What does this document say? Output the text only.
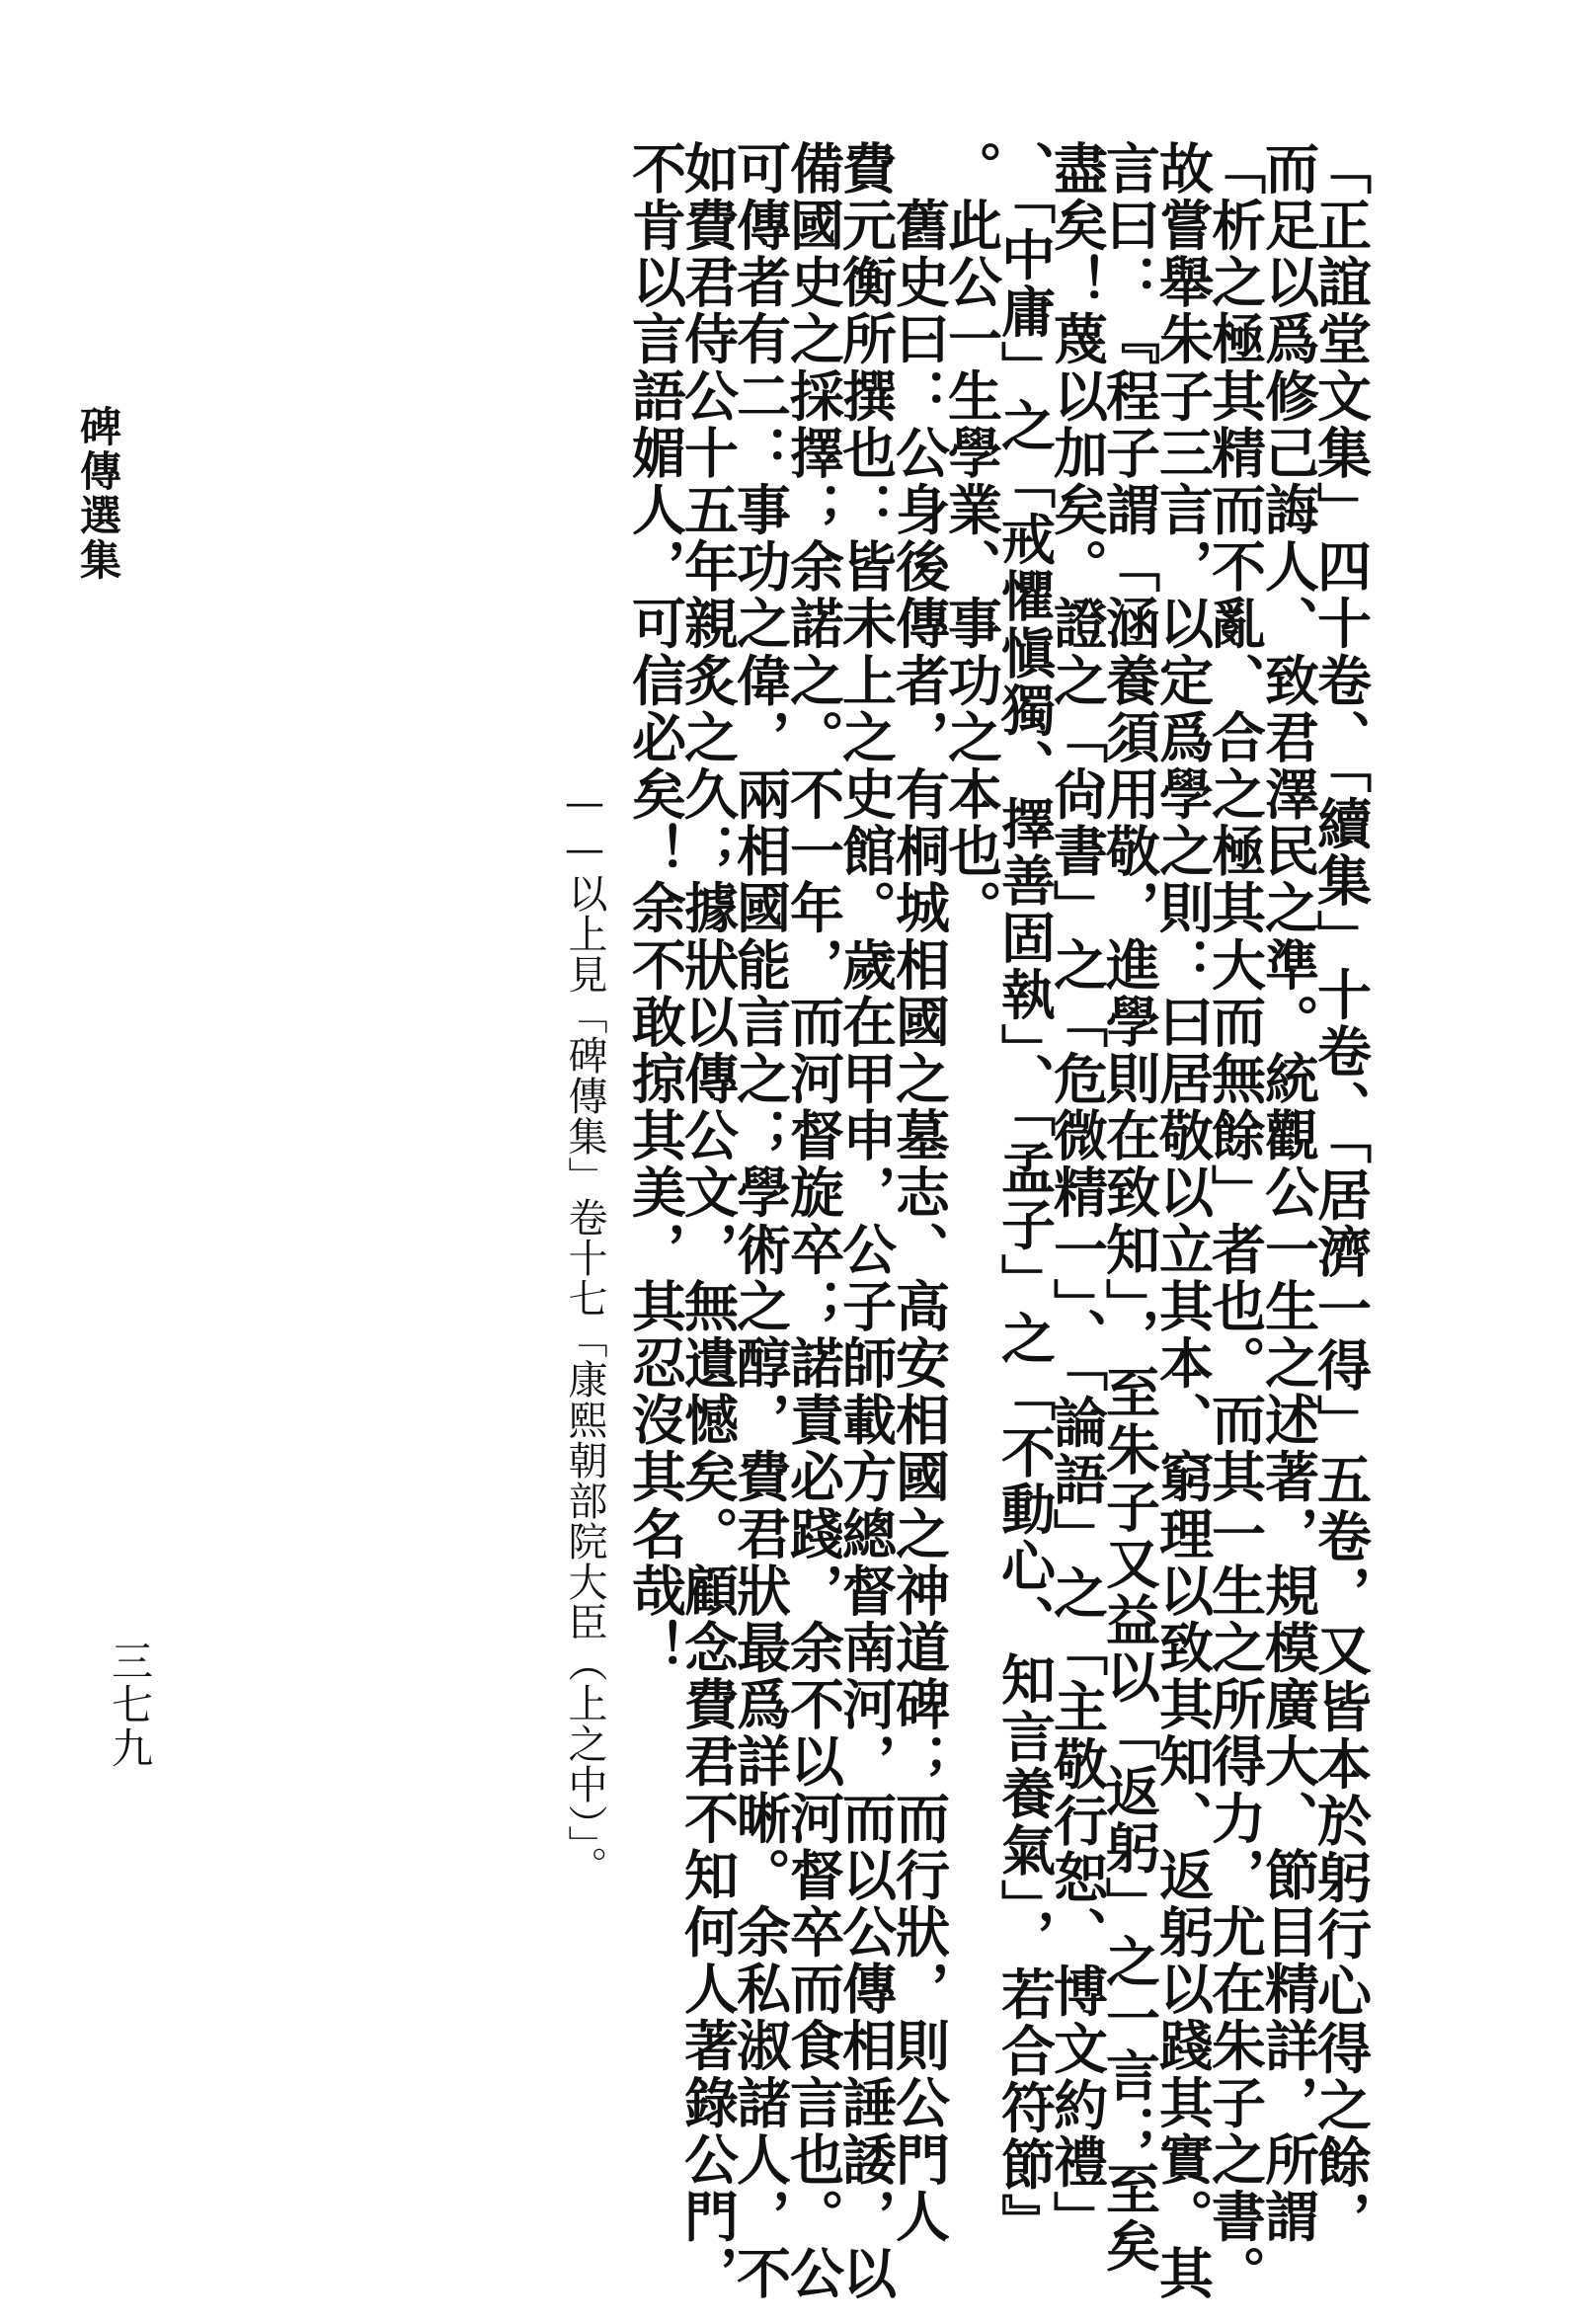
「正誼堂文集」四十卷、「續集」十卷、「居濟一得」五卷，又皆本於躬行心得之餘，
而足以爲修己誨人、致君澤民之準。統觀公一生之述著，規模廣大、節目精詳，所謂
「析之極其精而不亂、合之極其大而無餘」者也。而其一生之所得力，尤在朱子之書。
故嘗舉朱子三言，以定爲學之則：曰居敬以立其本、窮理以致其知、返躬以踐其實。其
言曰：『程子謂「涵養須用敬，進學則在致知」，至朱子又益以「返躬」之一言；至矣
盡矣！蔑以加矣。證之「尙書」之「危微精一」、「論語」之「主敬行恕、博文約禮」
、「中庸」之「戒懼愼獨、擇善固執」、「孟子」之「不動心、知言養氣」，若合符節』
。此公一生學業、事功之本也。
　舊史曰：公身後傳者，有桐城相國之墓志、高安相國之神道碑；而行狀，則公門人
費元衡所撰也：皆未上之史館。歲在甲申，公子師載方總督南河，而以公傳相諈諉，以
備國史之採擇；余諾之。不一年，而河督旋卒；諾責必踐，余不以河督卒而食言也。公
可傳者有二：事功之偉，兩相國能言之；學術之醇，費君狀最爲詳晰。余私淑諸人，不
如費君侍公十五年親炙之久；據狀以傳公文，無遺憾矣。顧念費君不知何人著錄公門，
不肯以言語媚人，可信必矣！余不敢掠其美，其忍沒其名哉！
——以上見「碑傳集」卷十七「康熙朝部院大臣（上之中）」。
碑傳選集
三七九
